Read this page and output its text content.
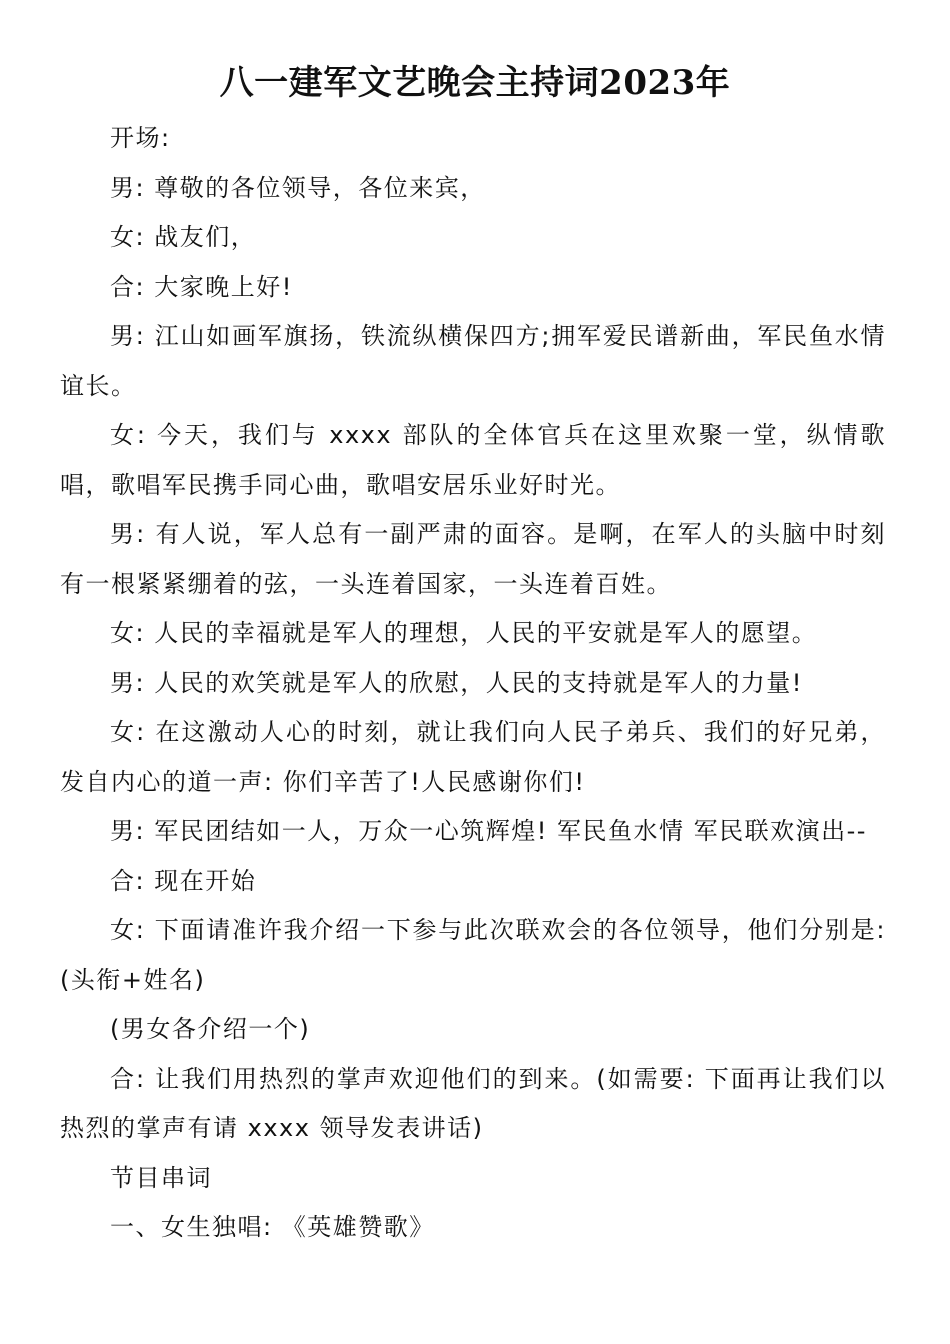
八一建军文艺晚会主持词2023年

开场:

男: 尊敬的各位领导，各位来宾，

女: 战友们，

合: 大家晚上好!

男: 江山如画军旗扬，铁流纵横保四方;拥军爱民谱新曲，军民鱼水情谊长。

女: 今天，我们与 xxxx 部队的全体官兵在这里欢聚一堂，纵情歌唱，歌唱军民携手同心曲，歌唱安居乐业好时光。

男: 有人说，军人总有一副严肃的面容。是啊，在军人的头脑中时刻有一根紧紧绷着的弦，一头连着国家，一头连着百姓。

女: 人民的幸福就是军人的理想，人民的平安就是军人的愿望。

男: 人民的欢笑就是军人的欣慰，人民的支持就是军人的力量!

女: 在这激动人心的时刻，就让我们向人民子弟兵、我们的好兄弟，发自内心的道一声: 你们辛苦了!人民感谢你们!

男: 军民团结如一人，万众一心筑辉煌! 军民鱼水情 军民联欢演出--

合: 现在开始

女: 下面请准许我介绍一下参与此次联欢会的各位领导，他们分别是: (头衔+姓名)

(男女各介绍一个)

合: 让我们用热烈的掌声欢迎他们的到来。(如需要: 下面再让我们以热烈的掌声有请 xxxx 领导发表讲话)

节目串词

一、女生独唱: 《英雄赞歌》
